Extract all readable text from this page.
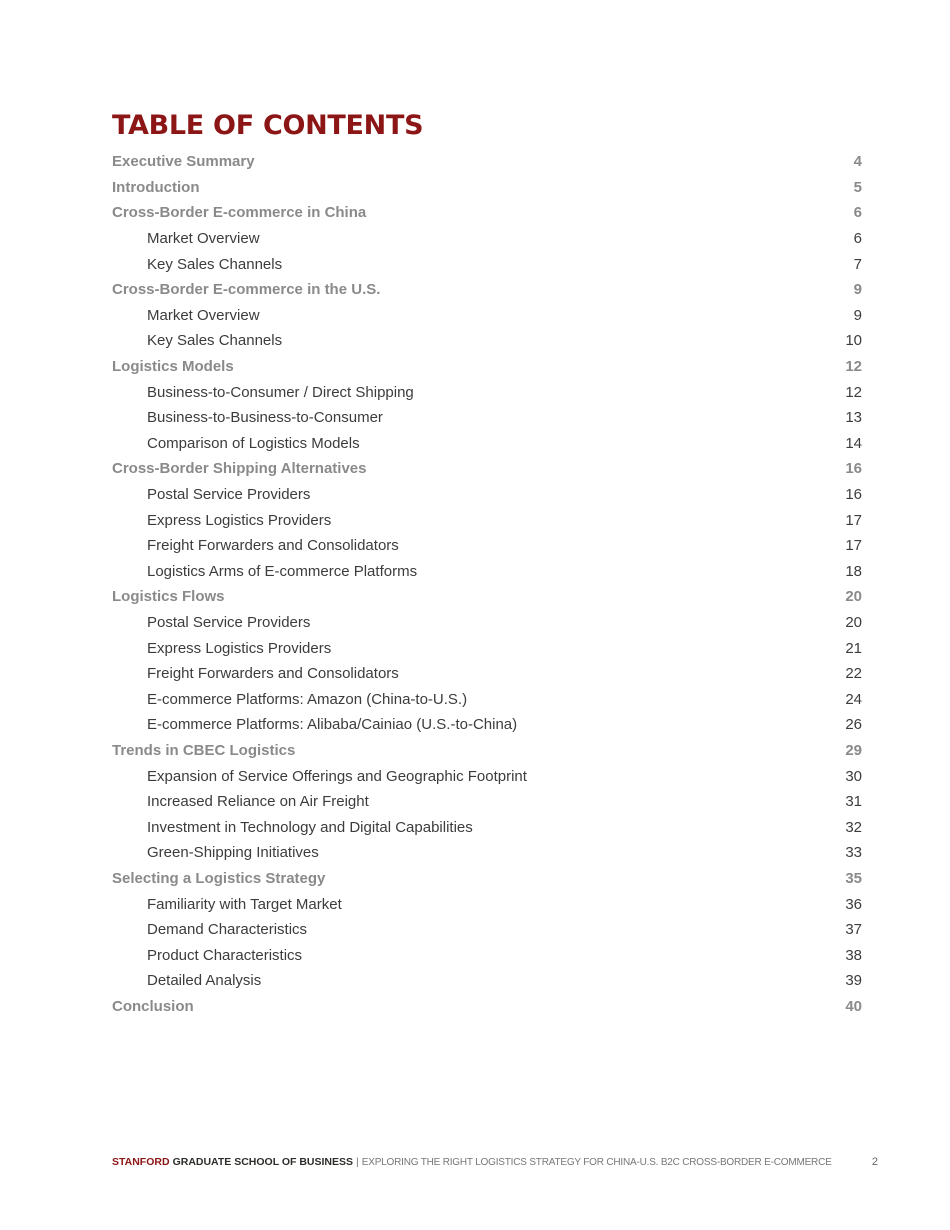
TABLE OF CONTENTS
Executive Summary	4
Introduction	5
Cross-Border E-commerce in China	6
Market Overview	6
Key Sales Channels	7
Cross-Border E-commerce in the U.S.	9
Market Overview	9
Key Sales Channels	10
Logistics Models	12
Business-to-Consumer / Direct Shipping	12
Business-to-Business-to-Consumer	13
Comparison of Logistics Models	14
Cross-Border Shipping Alternatives	16
Postal Service Providers	16
Express Logistics Providers	17
Freight Forwarders and Consolidators	17
Logistics Arms of E-commerce Platforms	18
Logistics Flows	20
Postal Service Providers	20
Express Logistics Providers	21
Freight Forwarders and Consolidators	22
E-commerce Platforms: Amazon (China-to-U.S.)	24
E-commerce Platforms: Alibaba/Cainiao (U.S.-to-China)	26
Trends in CBEC Logistics	29
Expansion of Service Offerings and Geographic Footprint	30
Increased Reliance on Air Freight	31
Investment in Technology and Digital Capabilities	32
Green-Shipping Initiatives	33
Selecting a Logistics Strategy	35
Familiarity with Target Market	36
Demand Characteristics	37
Product Characteristics	38
Detailed Analysis	39
Conclusion	40
STANFORD GRADUATE SCHOOL OF BUSINESS | EXPLORING THE RIGHT LOGISTICS STRATEGY FOR CHINA-U.S. B2C CROSS-BORDER E-COMMERCE	2
